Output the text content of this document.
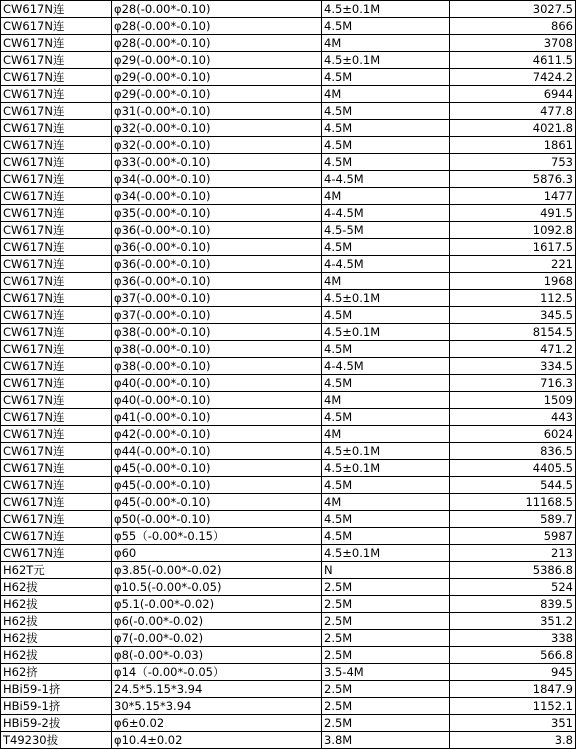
CW617N连	φ28(-0.00*-0.10)	4.5±0.1M	3027.5
CW617N连	φ28(-0.00*-0.10)	4.5M	866
CW617N连	φ28(-0.00*-0.10)	4M	3708
CW617N连	φ29(-0.00*-0.10)	4.5±0.1M	4611.5
CW617N连	φ29(-0.00*-0.10)	4.5M	7424.2
CW617N连	φ29(-0.00*-0.10)	4M	6944
CW617N连	φ31(-0.00*-0.10)	4.5M	477.8
CW617N连	φ32(-0.00*-0.10)	4.5M	4021.8
CW617N连	φ32(-0.00*-0.10)	4.5M	1861
CW617N连	φ33(-0.00*-0.10)	4.5M	753
CW617N连	φ34(-0.00*-0.10)	4-4.5M	5876.3
CW617N连	φ34(-0.00*-0.10)	4M	1477
CW617N连	φ35(-0.00*-0.10)	4-4.5M	491.5
CW617N连	φ36(-0.00*-0.10)	4.5-5M	1092.8
CW617N连	φ36(-0.00*-0.10)	4.5M	1617.5
CW617N连	φ36(-0.00*-0.10)	4-4.5M	221
CW617N连	φ36(-0.00*-0.10)	4M	1968
CW617N连	φ37(-0.00*-0.10)	4.5±0.1M	112.5
CW617N连	φ37(-0.00*-0.10)	4.5M	345.5
CW617N连	φ38(-0.00*-0.10)	4.5±0.1M	8154.5
CW617N连	φ38(-0.00*-0.10)	4.5M	471.2
CW617N连	φ38(-0.00*-0.10)	4-4.5M	334.5
CW617N连	φ40(-0.00*-0.10)	4.5M	716.3
CW617N连	φ40(-0.00*-0.10)	4M	1509
CW617N连	φ41(-0.00*-0.10)	4.5M	443
CW617N连	φ42(-0.00*-0.10)	4M	6024
CW617N连	φ44(-0.00*-0.10)	4.5±0.1M	836.5
CW617N连	φ45(-0.00*-0.10)	4.5±0.1M	4405.5
CW617N连	φ45(-0.00*-0.10)	4.5M	544.5
CW617N连	φ45(-0.00*-0.10)	4M	11168.5
CW617N连	φ50(-0.00*-0.10)	4.5M	589.7
CW617N连	φ55（-0.00*-0.15）	4.5M	5987
CW617N连	φ60	4.5±0.1M	213
H62T元	φ3.85(-0.00*-0.02)	N	5386.8
H62拔	φ10.5(-0.00*-0.05)	2.5M	524
H62拔	φ5.1(-0.00*-0.02)	2.5M	839.5
H62拔	φ6(-0.00*-0.02)	2.5M	351.2
H62拔	φ7(-0.00*-0.02)	2.5M	338
H62拔	φ8(-0.00*-0.03)	2.5M	566.8
H62挤	φ14（-0.00*-0.05）	3.5-4M	945
HBi59-1挤	24.5*5.15*3.94	2.5M	1847.9
HBi59-1挤	30*5.15*3.94	2.5M	1152.1
HBi59-2拔	φ6±0.02	2.5M	351
T49230拔	φ10.4±0.02	3.8M	3.8
